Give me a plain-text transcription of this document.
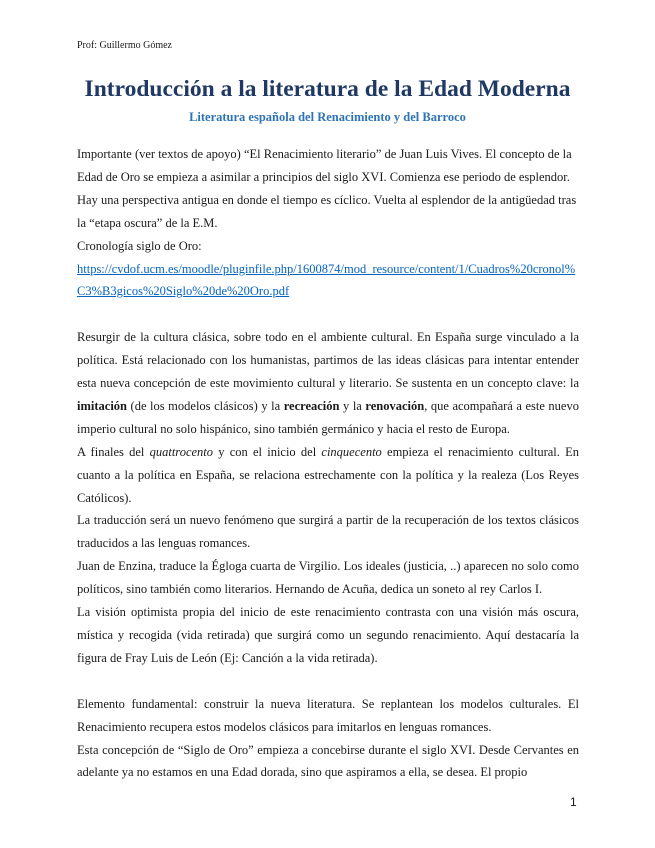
Prof: Guillermo Gómez
Introducción a la literatura de la Edad Moderna
Literatura española del Renacimiento y del Barroco

Importante (ver textos de apoyo) “El Renacimiento literario” de Juan Luis Vives. El concepto de la Edad de Oro se empieza a asimilar a principios del siglo XVI. Comienza ese periodo de esplendor. Hay una perspectiva antigua en donde el tiempo es cíclico. Vuelta al esplendor de la antigüedad tras la “etapa oscura” de la E.M.

Cronología siglo de Oro:

https://cvdof.ucm.es/moodle/pluginfile.php/1600874/mod_resource/content/1/Cuadros%20cronol%C3%B3gicos%20Siglo%20de%20Oro.pdf

Resurgir de la cultura clásica, sobre todo en el ambiente cultural. En España surge vinculado a la política. Está relacionado con los humanistas, partimos de las ideas clásicas para intentar entender esta nueva concepción de este movimiento cultural y literario. Se sustenta en un concepto clave: la imitación (de los modelos clásicos) y la recreación y la renovación, que acompañará a este nuevo imperio cultural no solo hispánico, sino también germánico y hacia el resto de Europa.

A finales del quattrocento y con el inicio del cinquecento empieza el renacimiento cultural. En cuanto a la política en España, se relaciona estrechamente con la política y la realeza (Los Reyes Católicos).

La traducción será un nuevo fenómeno que surgirá a partir de la recuperación de los textos clásicos traducidos a las lenguas romances.

Juan de Enzina, traduce la Égloga cuarta de Virgilio. Los ideales (justicia, ..) aparecen no solo como políticos, sino también como literarios. Hernando de Acuña, dedica un soneto al rey Carlos I.

La visión optimista propia del inicio de este renacimiento contrasta con una visión más oscura, mística y recogida (vida retirada) que surgirá como un segundo renacimiento. Aquí destacaría la figura de Fray Luis de León (Ej: Canción a la vida retirada).

Elemento fundamental: construir la nueva literatura. Se replantean los modelos culturales. El Renacimiento recupera estos modelos clásicos para imitarlos en lenguas romances.

Esta concepción de “Siglo de Oro” empieza a concebirse durante el siglo XVI. Desde Cervantes en adelante ya no estamos en una Edad dorada, sino que aspiramos a ella, se desea. El propio

1
